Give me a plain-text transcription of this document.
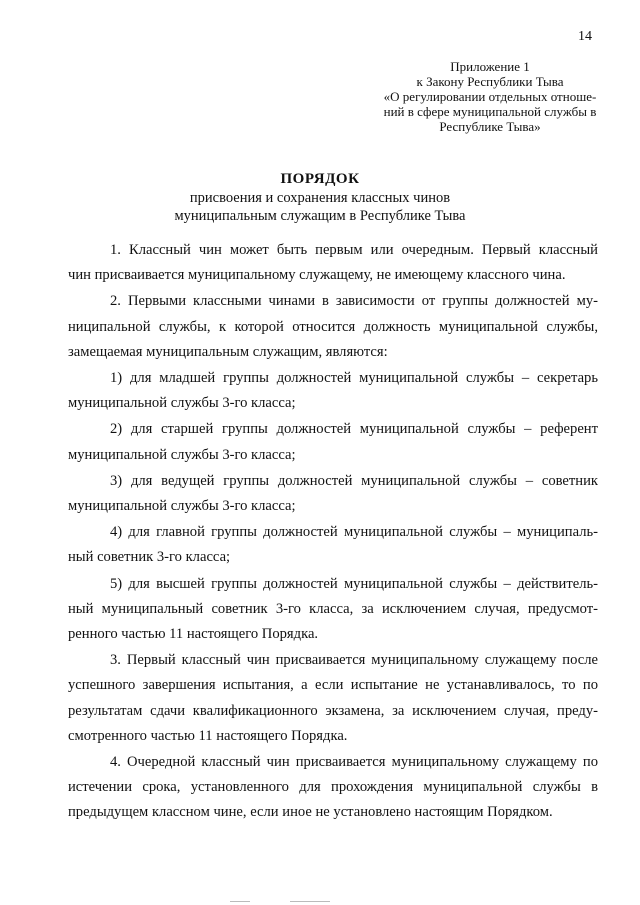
14
Приложение 1
к Закону Республики Тыва
«О регулировании отдельных отноше-
ний в сфере муниципальной службы в
Республике Тыва»
ПОРЯДОК
присвоения и сохранения классных чинов
муниципальным служащим в Республике Тыва
1. Классный чин может быть первым или очередным. Первый классный
чин присваивается муниципальному служащему, не имеющему классного чина.
2. Первыми классными чинами в зависимости от группы должностей му-
ниципальной службы, к которой относится должность муниципальной службы,
замещаемая муниципальным служащим, являются:
1) для младшей группы должностей муниципальной службы – секретарь
муниципальной службы 3-го класса;
2) для старшей группы должностей муниципальной службы – референт
муниципальной службы 3-го класса;
3) для ведущей группы должностей муниципальной службы – советник
муниципальной службы 3-го класса;
4) для главной группы должностей муниципальной службы – муниципаль-
ный советник 3-го класса;
5) для высшей группы должностей муниципальной службы – действитель-
ный муниципальный советник 3-го класса, за исключением случая, предусмот-
ренного частью 11 настоящего Порядка.
3. Первый классный чин присваивается муниципальному служащему после
успешного завершения испытания, а если испытание не устанавливалось, то по
результатам сдачи квалификационного экзамена, за исключением случая, преду-
смотренного частью 11 настоящего Порядка.
4. Очередной классный чин присваивается муниципальному служащему по
истечении срока, установленного для прохождения муниципальной службы в
предыдущем классном чине, если иное не установлено настоящим Порядком.
